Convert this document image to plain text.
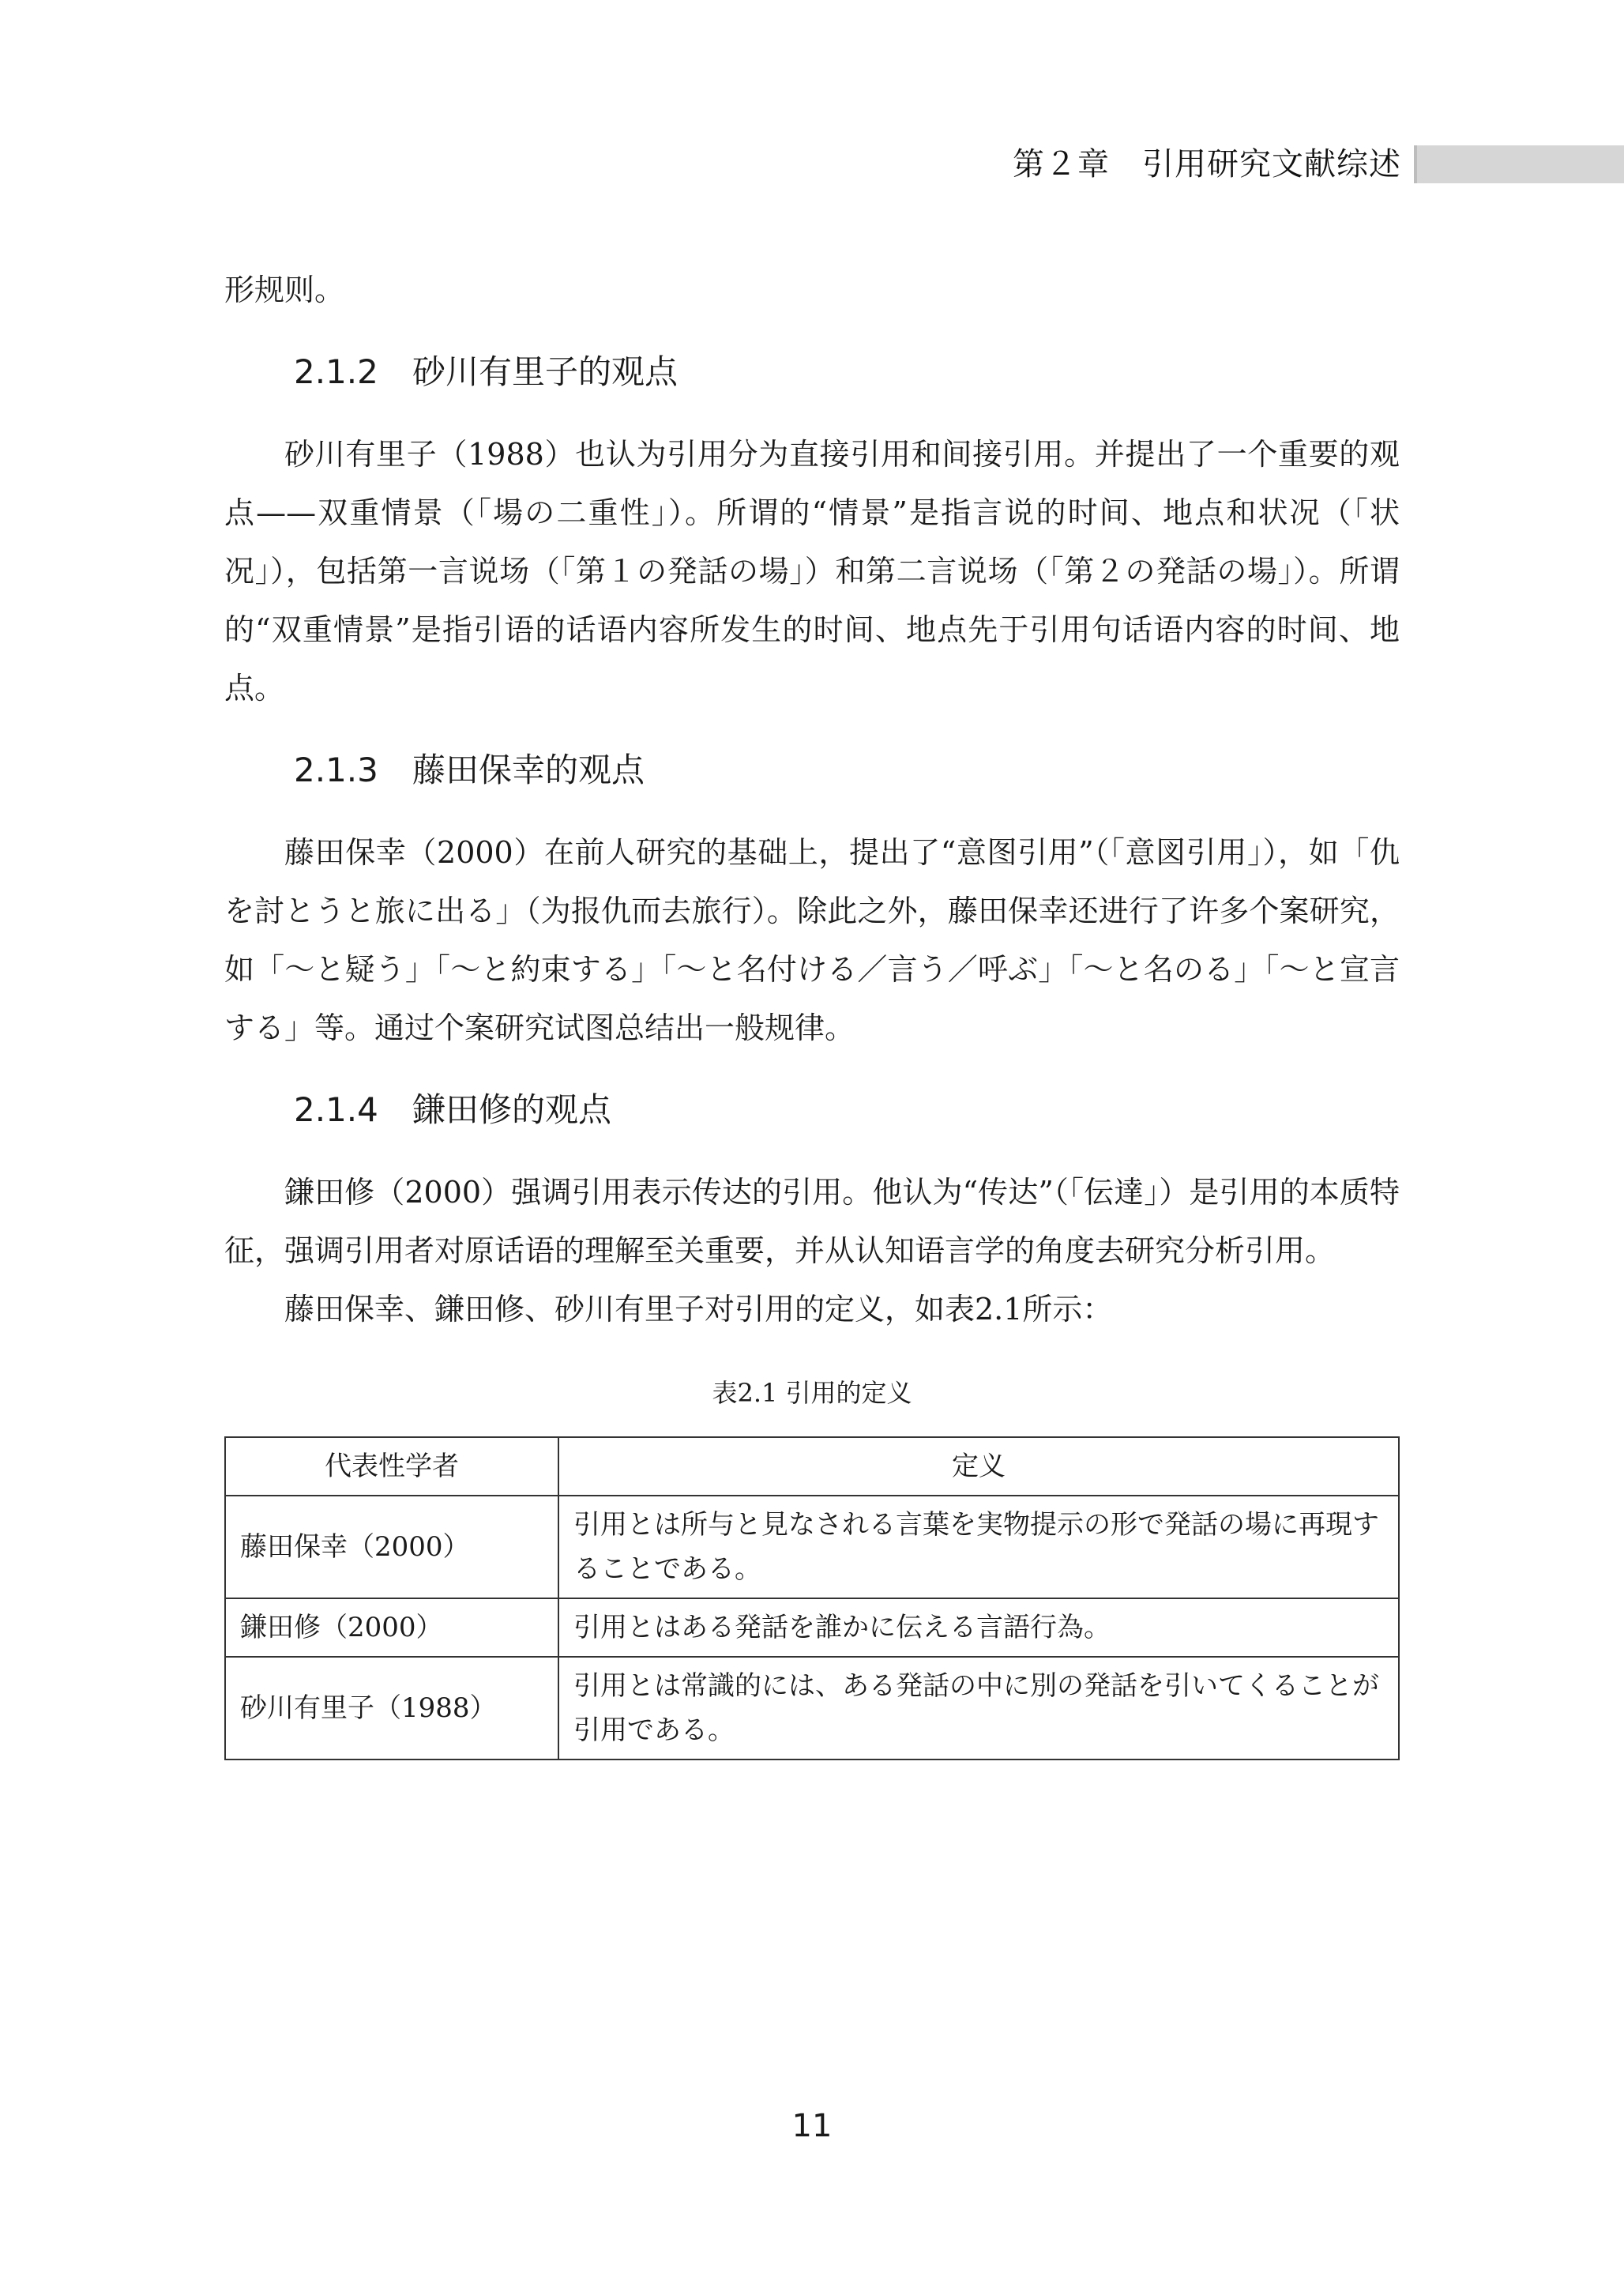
第２章　引用研究文献综述

形规则。

2.1.2 砂川有里子的观点

砂川有里子（1988）也认为引用分为直接引用和间接引用。并提出了一个重要的观点——双重情景（「場の二重性」）。所谓的“情景”是指言说的时间、地点和状况（「状况」），包括第一言说场（「第１の発話の場」）和第二言说场（「第２の発話の場」）。所谓的“双重情景”是指引语的话语内容所发生的时间、地点先于引用句话语内容的时间、地点。

2.1.3 藤田保幸的观点

藤田保幸（2000）在前人研究的基础上，提出了“意图引用”（「意図引用」），如「仇を討とうと旅に出る」（为报仇而去旅行）。除此之外，藤田保幸还进行了许多个案研究，如「～と疑う」「～と約束する」「～と名付ける／言う／呼ぶ」「～と名のる」「～と宣言する」等。通过个案研究试图总结出一般规律。

2.1.4 鎌田修的观点

鎌田修（2000）强调引用表示传达的引用。他认为“传达”（「伝達」）是引用的本质特征，强调引用者对原话语的理解至关重要，并从认知语言学的角度去研究分析引用。

藤田保幸、鎌田修、砂川有里子对引用的定义，如表2.1所示：

表2.1 引用的定义
代表性学者	定义
藤田保幸（2000）	引用とは所与と見なされる言葉を実物提示の形で発話の場に再現することである。
鎌田修（2000）	引用とはある発話を誰かに伝える言語行為。
砂川有里子（1988）	引用とは常識的には、ある発話の中に別の発話を引いてくることが引用である。
11
